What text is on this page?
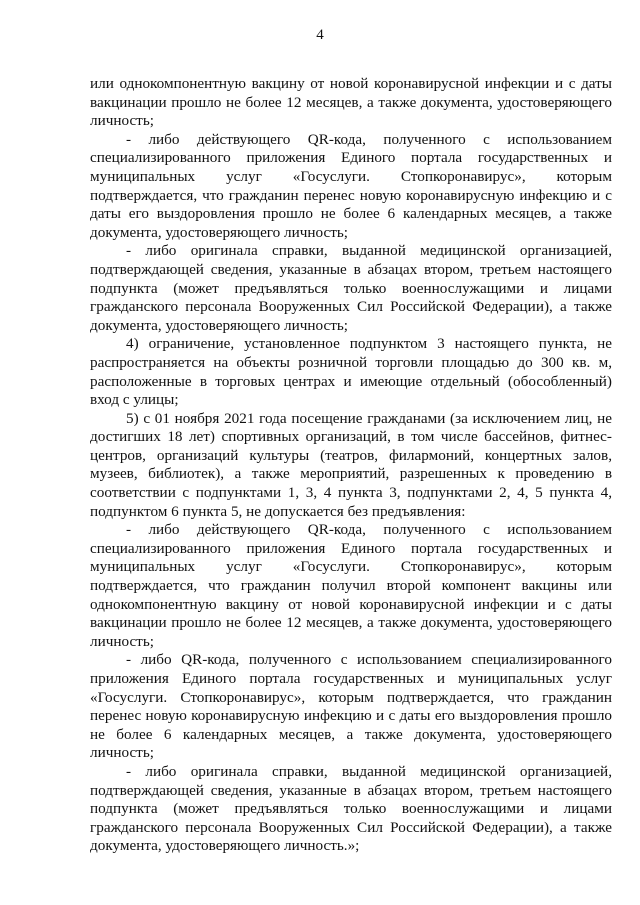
4

или однокомпонентную вакцину от новой коронавирусной инфекции и с даты вакцинации прошло не более 12 месяцев, а также документа, удостоверяющего личность;

- либо действующего QR-кода, полученного с использованием специализированного приложения Единого портала государственных и муниципальных услуг «Госуслуги. Стопкоронавирус», которым подтверждается, что гражданин перенес новую коронавирусную инфекцию и с даты его выздоровления прошло не более 6 календарных месяцев, а также документа, удостоверяющего личность;

- либо оригинала справки, выданной медицинской организацией, подтверждающей сведения, указанные в абзацах втором, третьем настоящего подпункта (может предъявляться только военнослужащими и лицами гражданского персонала Вооруженных Сил Российской Федерации), а также документа, удостоверяющего личность;

4) ограничение, установленное подпунктом 3 настоящего пункта, не распространяется на объекты розничной торговли площадью до 300 кв. м, расположенные в торговых центрах и имеющие отдельный (обособленный) вход с улицы;

5) с 01 ноября 2021 года посещение гражданами (за исключением лиц, не достигших 18 лет) спортивных организаций, в том числе бассейнов, фитнес-центров, организаций культуры (театров, филармоний, концертных залов, музеев, библиотек), а также мероприятий, разрешенных к проведению в соответствии с подпунктами 1, 3, 4 пункта 3, подпунктами 2, 4, 5 пункта 4, подпунктом 6 пункта 5, не допускается без предъявления:

- либо действующего QR-кода, полученного с использованием специализированного приложения Единого портала государственных и муниципальных услуг «Госуслуги. Стопкоронавирус», которым подтверждается, что гражданин получил второй компонент вакцины или однокомпонентную вакцину от новой коронавирусной инфекции и с даты вакцинации прошло не более 12 месяцев, а также документа, удостоверяющего личность;

- либо QR-кода, полученного с использованием специализированного приложения Единого портала государственных и муниципальных услуг «Госуслуги. Стопкоронавирус», которым подтверждается, что гражданин перенес новую коронавирусную инфекцию и с даты его выздоровления прошло не более 6 календарных месяцев, а также документа, удостоверяющего личность;

- либо оригинала справки, выданной медицинской организацией, подтверждающей сведения, указанные в абзацах втором, третьем настоящего подпункта (может предъявляться только военнослужащими и лицами гражданского персонала Вооруженных Сил Российской Федерации), а также документа, удостоверяющего личность.»;
